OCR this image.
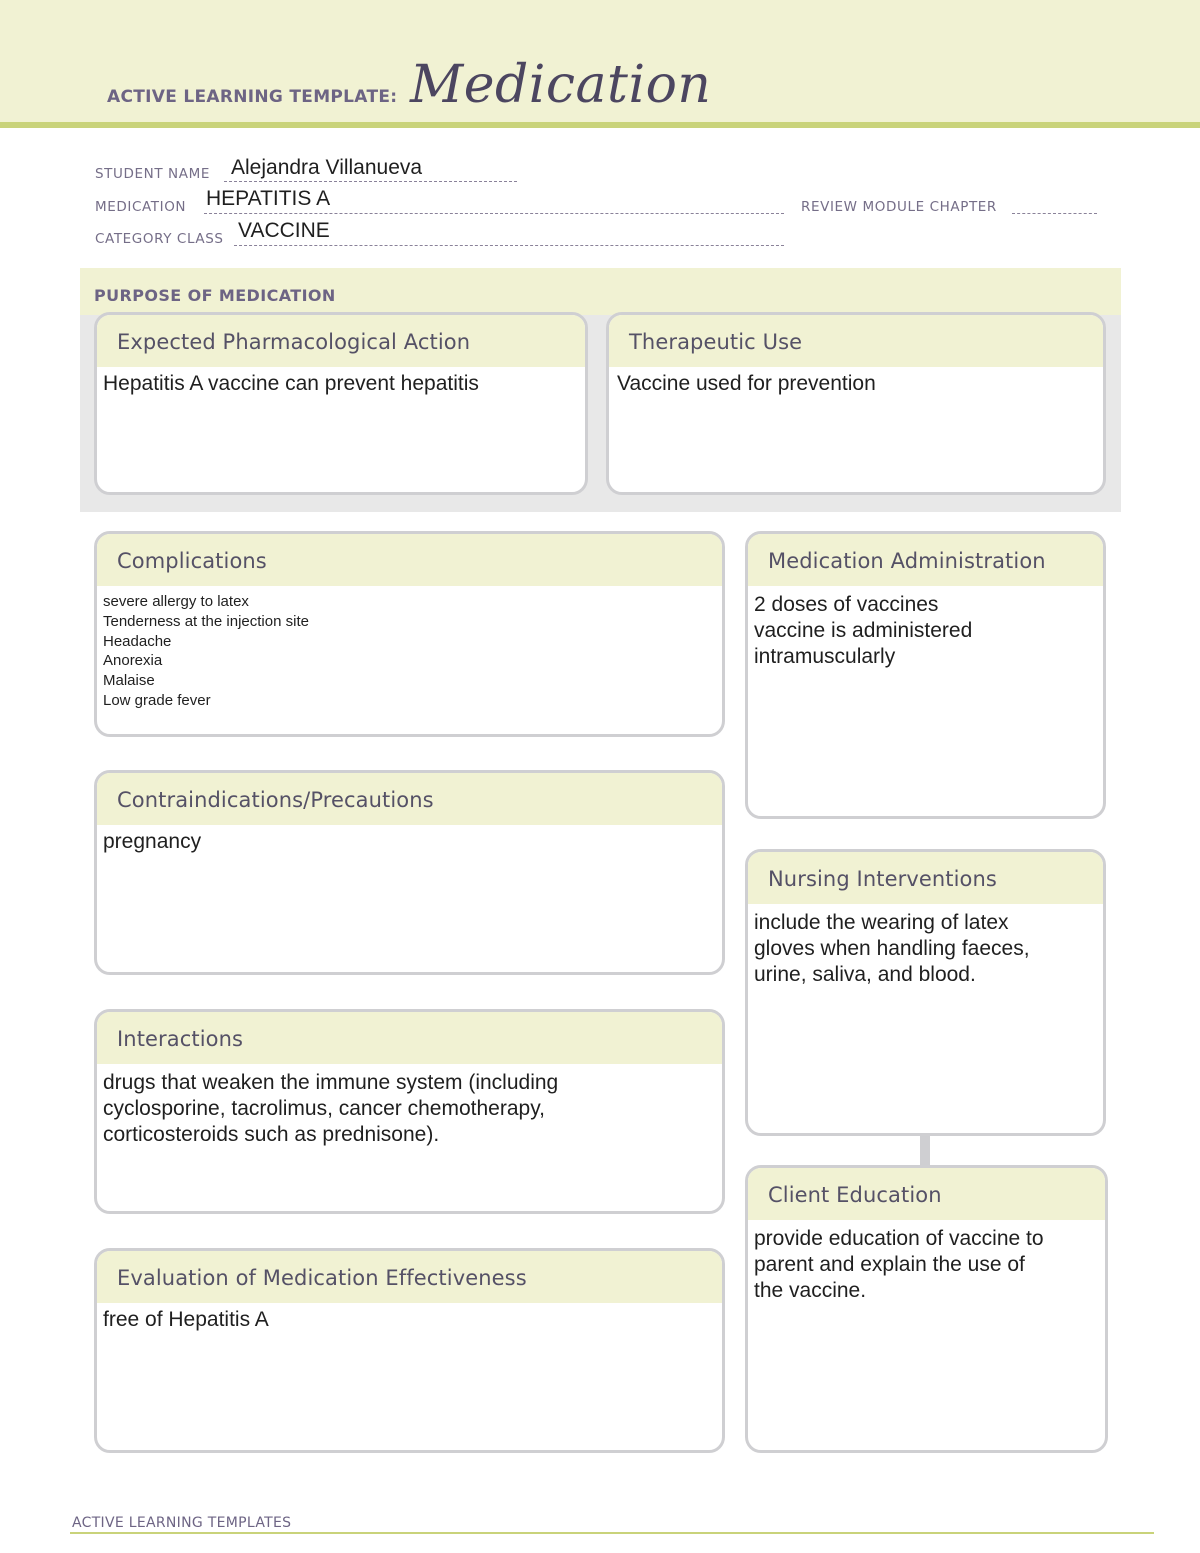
ACTIVE LEARNING TEMPLATE: Medication
STUDENT NAME Alejandra Villanueva
MEDICATION HEPATITIS A	REVIEW MODULE CHAPTER
CATEGORY CLASS VACCINE
PURPOSE OF MEDICATION
Expected Pharmacological Action
Hepatitis A vaccine can prevent hepatitis
Therapeutic Use
Vaccine used for prevention
Complications
severe allergy to latex
Tenderness at the injection site
Headache
Anorexia
Malaise
Low grade fever
Contraindications/Precautions
pregnancy
Interactions
drugs that weaken the immune system (including
cyclosporine, tacrolimus, cancer chemotherapy,
corticosteroids such as prednisone).
Evaluation of Medication Effectiveness
free of Hepatitis A
Medication Administration
2 doses of vaccines
vaccine is administered
intramuscularly
Nursing Interventions
include the wearing of latex
gloves when handling faeces,
urine, saliva, and blood.
Client Education
provide education of vaccine to
parent and explain the use of
the vaccine.
ACTIVE LEARNING TEMPLATES
